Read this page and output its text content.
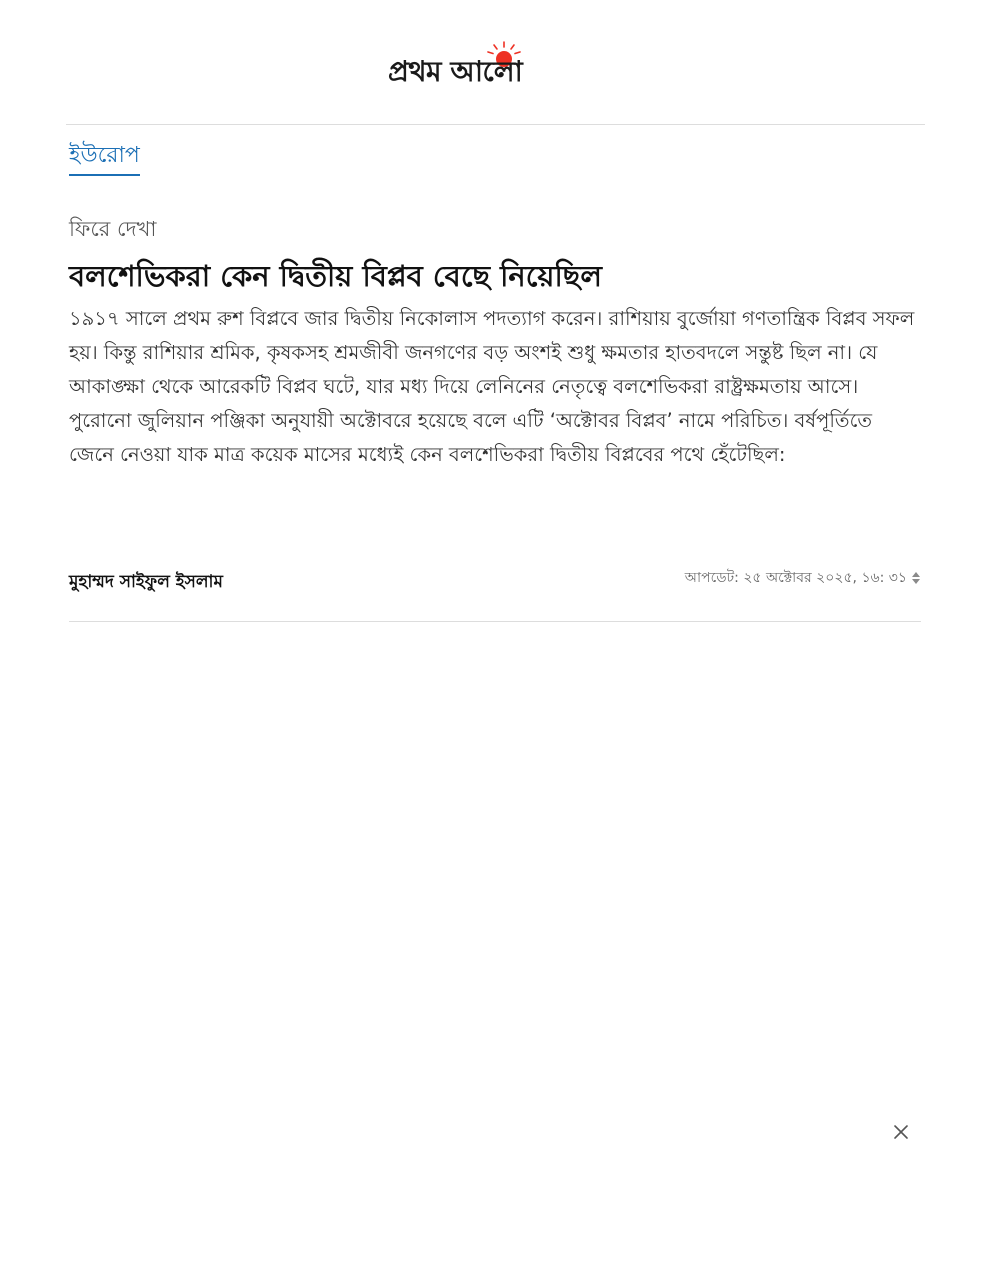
প্রথম আলো
ইউরোপ
ফিরে দেখা
বলশেভিকরা কেন দ্বিতীয় বিপ্লব বেছে নিয়েছিল

১৯১৭ সালে প্রথম রুশ বিপ্লবে জার দ্বিতীয় নিকোলাস পদত্যাগ করেন। রাশিয়ায় বুর্জোয়া গণতান্ত্রিক বিপ্লব সফল হয়। কিন্তু রাশিয়ার শ্রমিক, কৃষকসহ শ্রমজীবী জনগণের বড় অংশই শুধু ক্ষমতার হাতবদলে সন্তুষ্ট ছিল না। যে আকাঙ্ক্ষা থেকে আরেকটি বিপ্লব ঘটে, যার মধ্য দিয়ে লেনিনের নেতৃত্বে বলশেভিকরা রাষ্ট্রক্ষমতায় আসে। পুরোনো জুলিয়ান পঞ্জিকা অনুযায়ী অক্টোবরে হয়েছে বলে এটি ‘অক্টোবর বিপ্লব’ নামে পরিচিত। বর্ষপূর্তিতে জেনে নেওয়া যাক মাত্র কয়েক মাসের মধ্যেই কেন বলশেভিকরা দ্বিতীয় বিপ্লবের পথে হেঁটেছিল:

মুহাম্মদ সাইফুল ইসলাম	আপডেট: ২৫ অক্টোবর ২০২৫, ১৬: ৩১
